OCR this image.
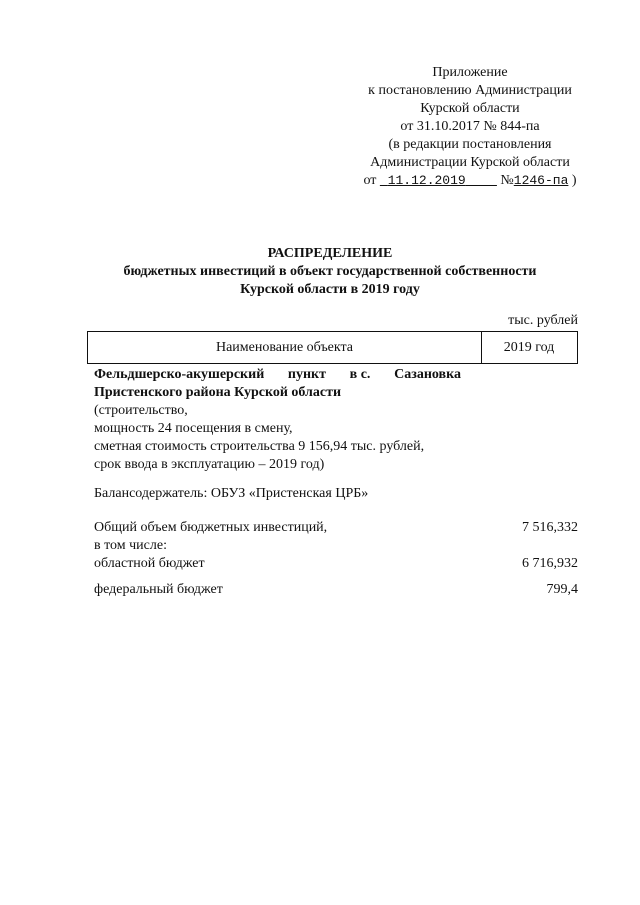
Приложение
к постановлению Администрации
Курской области
от 31.10.2017 № 844-па
(в редакции постановления
Администрации Курской области
от 11.12.2019 №1246-па )
РАСПРЕДЕЛЕНИЕ
бюджетных инвестиций в объект государственной собственности
Курской области в 2019 году
тыс. рублей
Наименование объекта	2019 год
Фельдшерско-акушерский пункт в с. Сазановка
Пристенского района Курской области
(строительство,
мощность 24 посещения в смену,
сметная стоимость строительства 9 156,94 тыс. рублей,
срок ввода в эксплуатацию – 2019 год)
Балансодержатель: ОБУЗ «Пристенская ЦРБ»
Общий объем бюджетных инвестиций,	7 516,332
в том числе:
областной бюджет	6 716,932
федеральный бюджет	799,4
